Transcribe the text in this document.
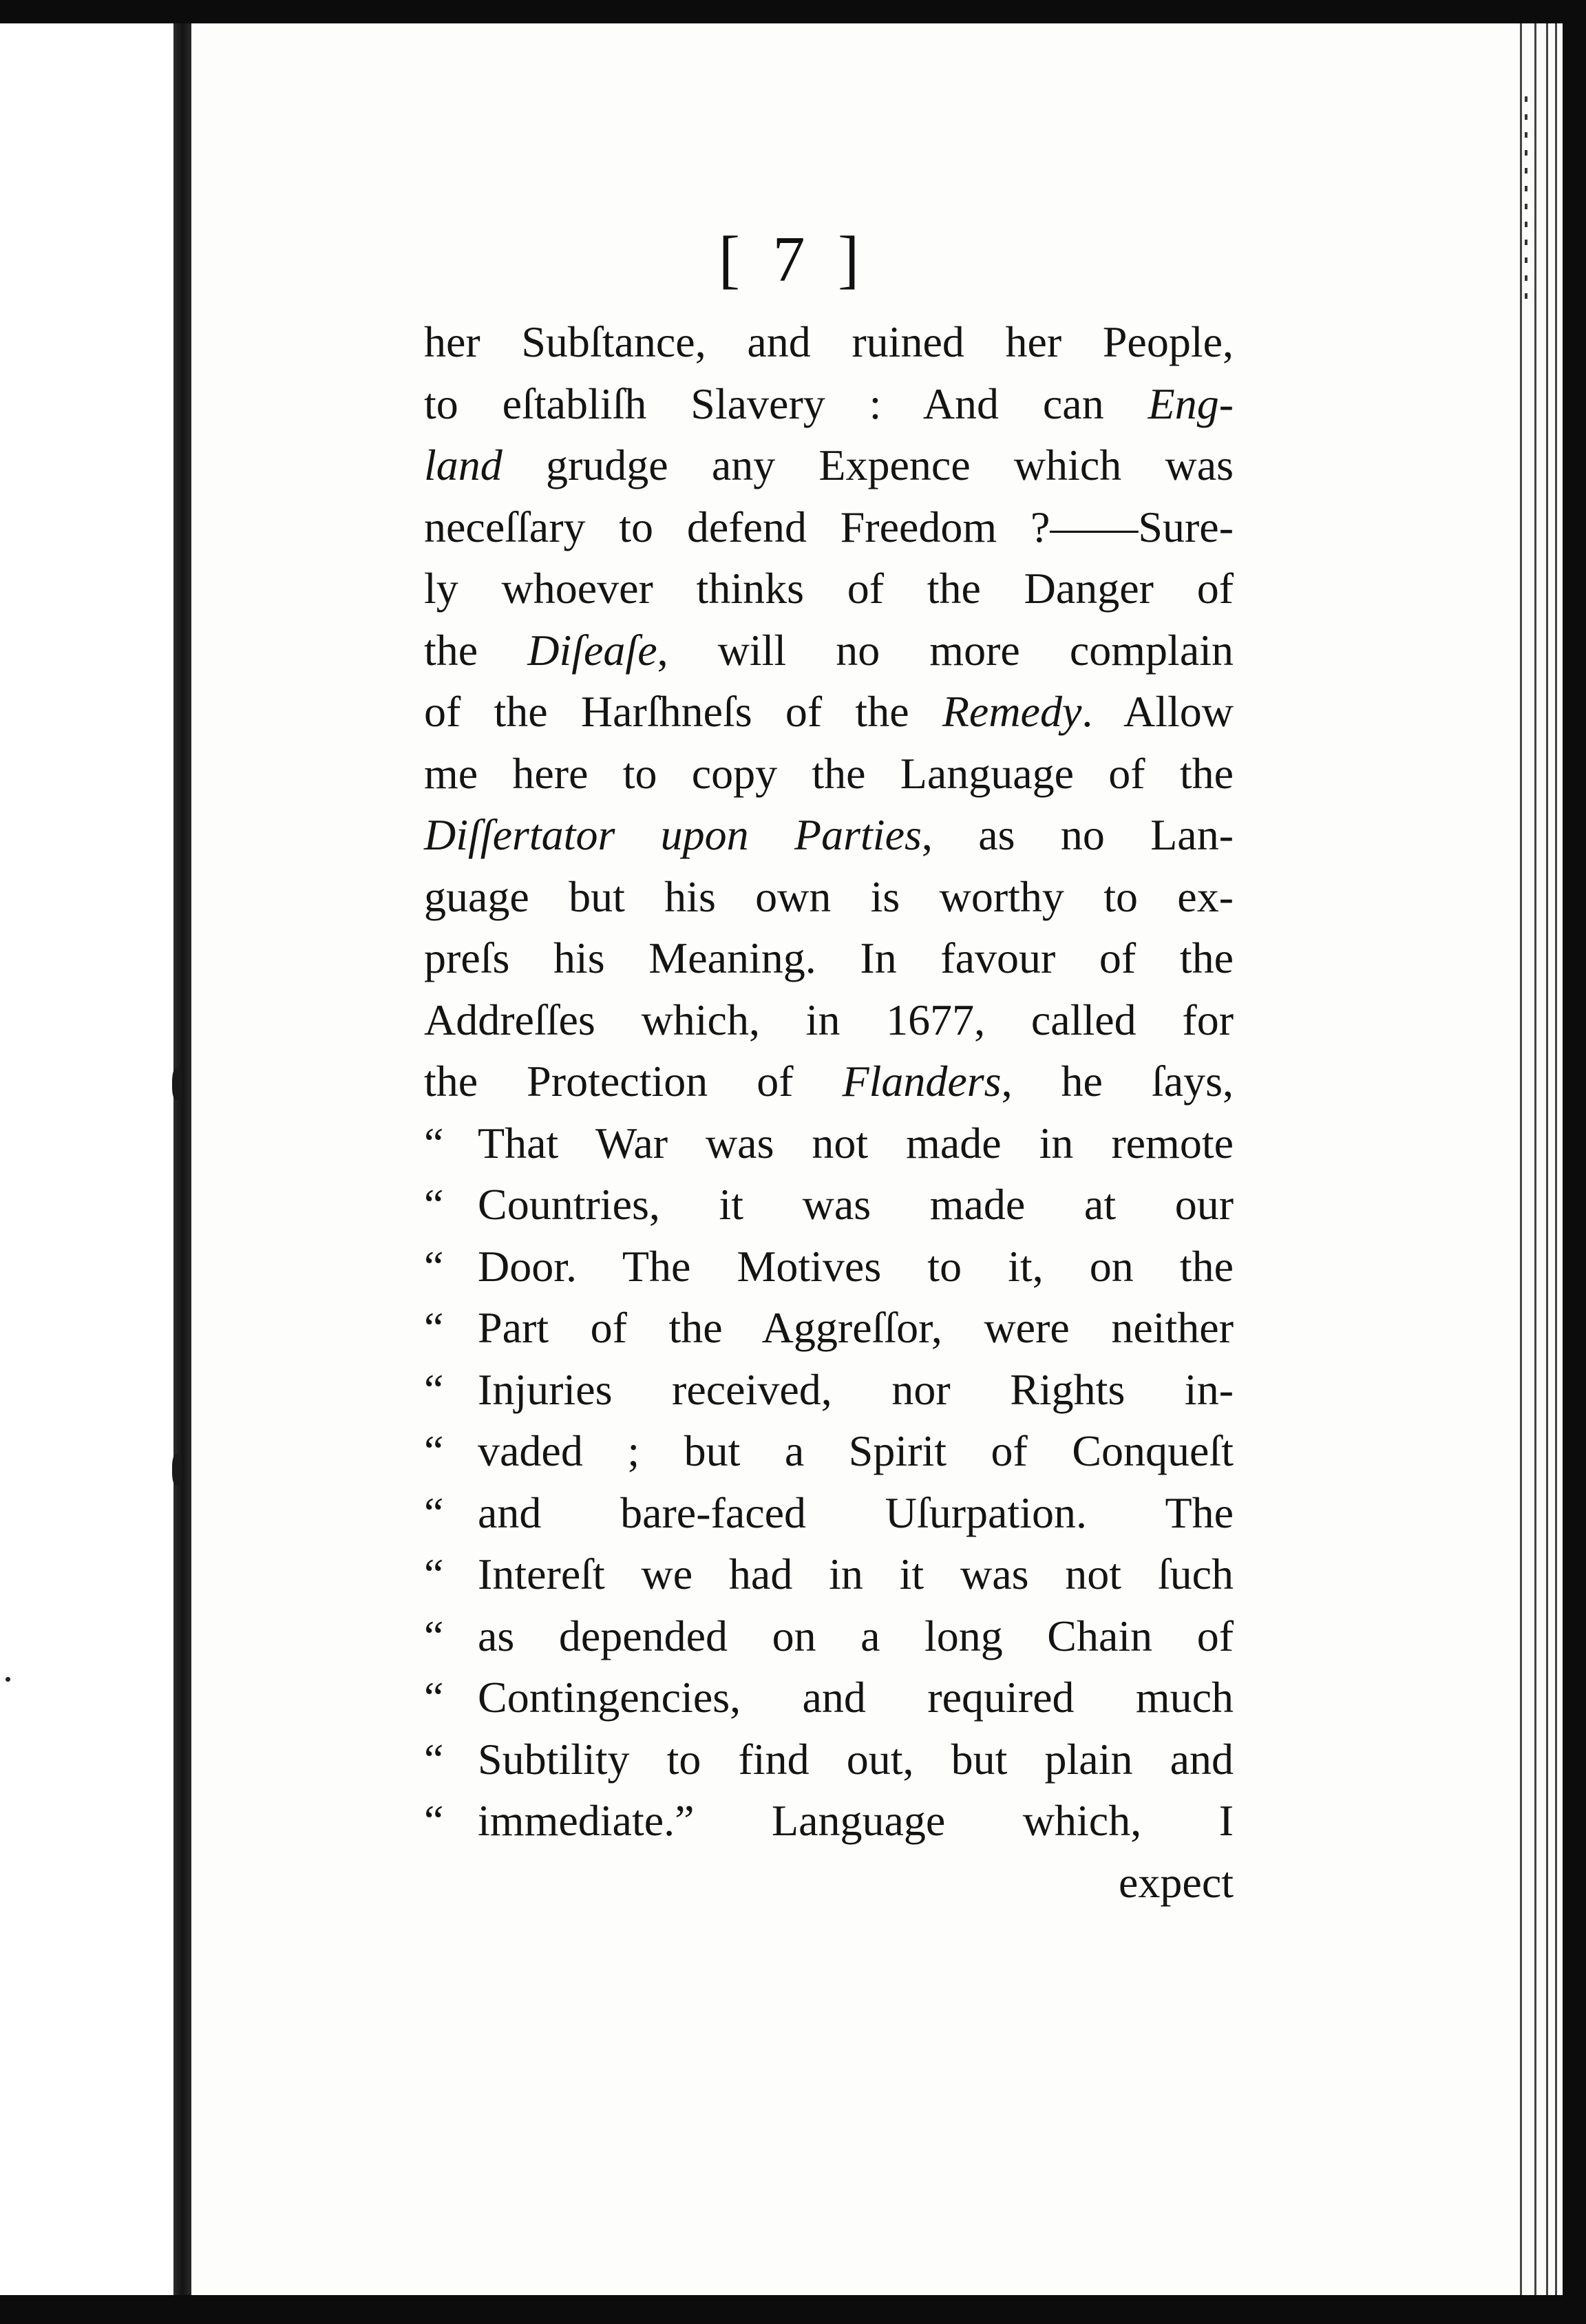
[ 7 ]
her Subſtance, and ruined her People,
to eſtabliſh Slavery : And can Eng-
land grudge any Expence which was
neceſſary to defend Freedom ?——Sure-
ly whoever thinks of the Danger of
the Diſeaſe, will no more complain
of the Harſhneſs of the Remedy. Allow
me here to copy the Language of the
Diſſertator upon Parties, as no Lan-
guage but his own is worthy to ex-
preſs his Meaning. In favour of the
Addreſſes which, in 1677, called for
the Protection of Flanders, he ſays,
“ That War was not made in remote
“ Countries, it was made at our
“ Door. The Motives to it, on the
“ Part of the Aggreſſor, were neither
“ Injuries received, nor Rights in-
“ vaded ; but a Spirit of Conqueſt
“ and bare-faced Uſurpation. The
“ Intereſt we had in it was not ſuch
“ as depended on a long Chain of
“ Contingencies, and required much
“ Subtility to find out, but plain and
“ immediate.” Language which, I
expect
